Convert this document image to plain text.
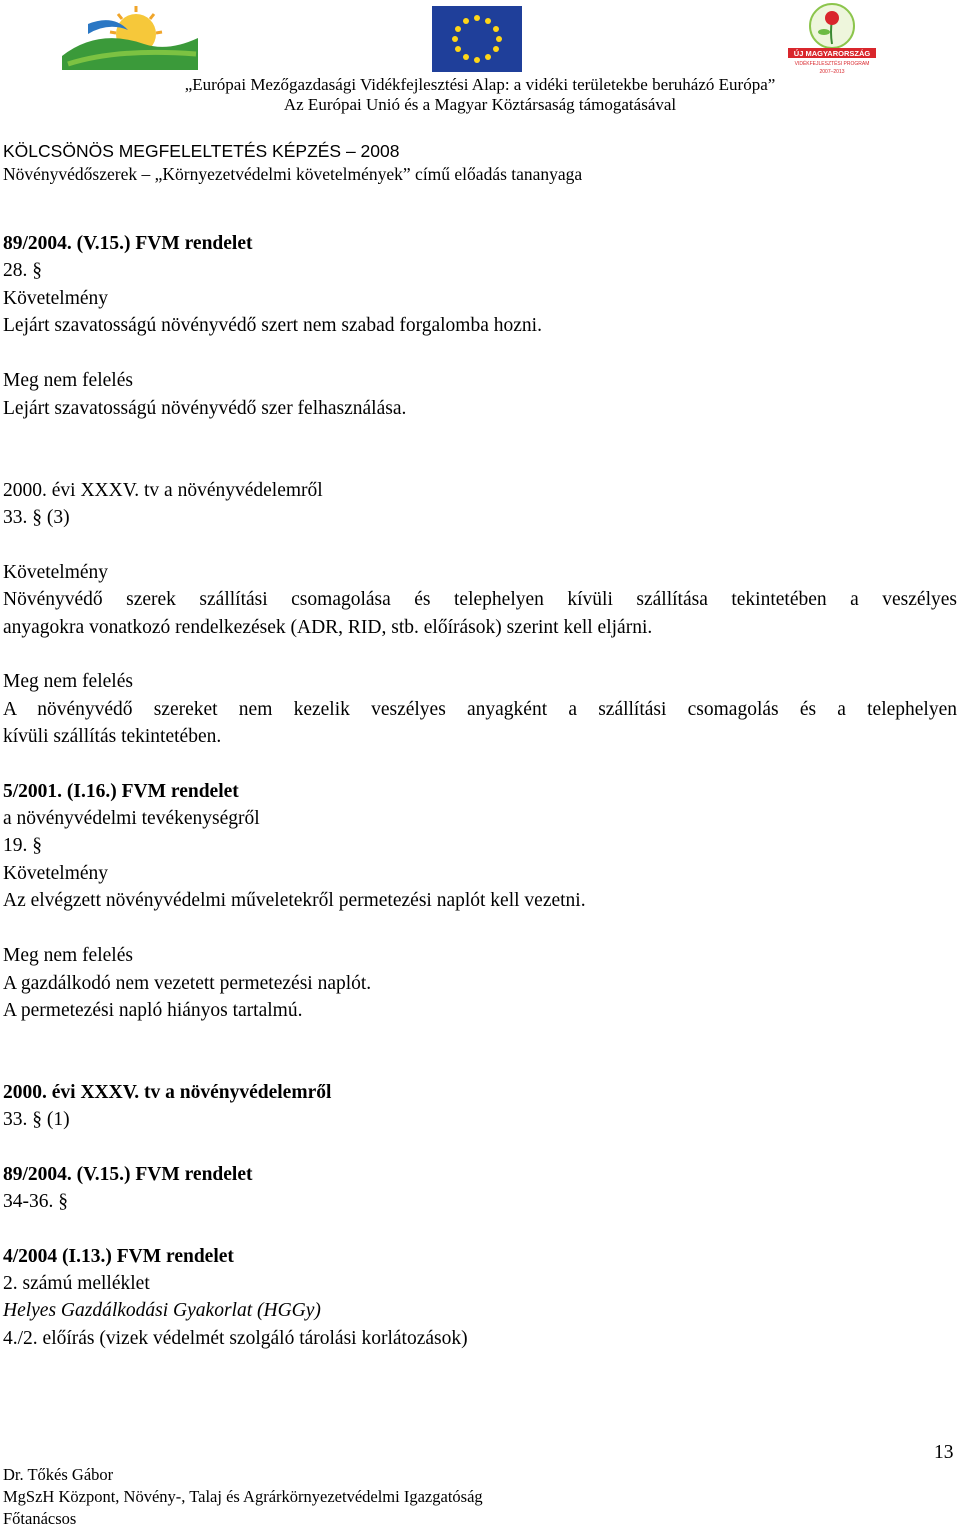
ÚJ MAGYARORSZÁG
VIDÉKFEJLESZTÉSI PROGRAM
2007–2013
„Európai Mezőgazdasági Vidékfejlesztési Alap: a vidéki területekbe beruházó Európa”
Az Európai Unió és a Magyar Köztársaság támogatásával
KÖLCSÖNÖS MEGFELELTETÉS KÉPZÉS – 2008
Növényvédőszerek – „Környezetvédelmi követelmények” című előadás tananyaga
89/2004. (V.15.) FVM rendelet
28. §
Követelmény
Lejárt szavatosságú növényvédő szert nem szabad forgalomba hozni.
Meg nem felelés
Lejárt szavatosságú növényvédő szer felhasználása.
2000. évi XXXV. tv a növényvédelemről
33. § (3)
Követelmény
Növényvédő szerek szállítási csomagolása és telephelyen kívüli szállítása tekintetében a veszélyes
anyagokra vonatkozó rendelkezések (ADR, RID, stb. előírások) szerint kell eljárni.
Meg nem felelés
A növényvédő szereket nem kezelik veszélyes anyagként a szállítási csomagolás és a telephelyen
kívüli szállítás tekintetében.
5/2001. (I.16.) FVM rendelet
a növényvédelmi tevékenységről
19. §
Követelmény
Az elvégzett növényvédelmi műveletekről permetezési naplót kell vezetni.
Meg nem felelés
A gazdálkodó nem vezetett permetezési naplót.
A permetezési napló hiányos tartalmú.
2000. évi XXXV. tv a növényvédelemről
33. § (1)
89/2004. (V.15.) FVM rendelet
34-36. §
4/2004 (I.13.) FVM rendelet
2. számú melléklet
Helyes Gazdálkodási Gyakorlat (HGGy)
4./2. előírás (vizek védelmét szolgáló tárolási korlátozások)
13
Dr. Tőkés Gábor
MgSzH Központ, Növény-, Talaj és Agrárkörnyezetvédelmi Igazgatóság
Főtanácsos
